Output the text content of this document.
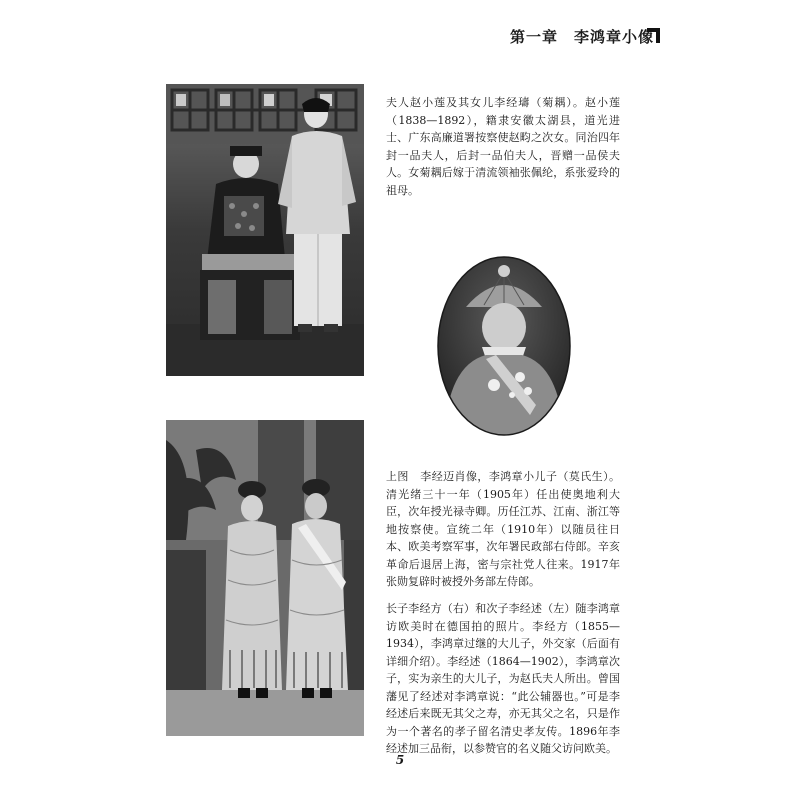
第一章　李鸿章小像

夫人赵小莲及其女儿李经璹（菊耦）。赵小莲（1838—1892），籍隶安徽太湖县，道光进士、广东高廉道署按察使赵畇之次女。同治四年封一品夫人，后封一品伯夫人，晋赠一品侯夫人。女菊耦后嫁于清流领袖张佩纶，系张爱玲的祖母。

上图　李经迈肖像，李鸿章小儿子（莫氏生）。清光绪三十一年（1905年）任出使奥地利大臣，次年授光禄寺卿。历任江苏、江南、浙江等地按察使。宣统二年（1910年）以随员往日本、欧美考察军事，次年署民政部右侍郎。辛亥革命后退居上海，密与宗社党人往来。1917年张勋复辟时被授外务部左侍郎。

长子李经方（右）和次子李经述（左）随李鸿章访欧美时在德国拍的照片。李经方（1855—1934），李鸿章过继的大儿子，外交家（后面有详细介绍）。李经述（1864—1902），李鸿章次子，实为亲生的大儿子，为赵氏夫人所出。曾国藩见了经述对李鸿章说：“此公辅器也。”可是李经述后来既无其父之寿，亦无其父之名，只是作为一个著名的孝子留名清史孝友传。1896年李经述加三品衔，以参赞官的名义随父访问欧美。

5
